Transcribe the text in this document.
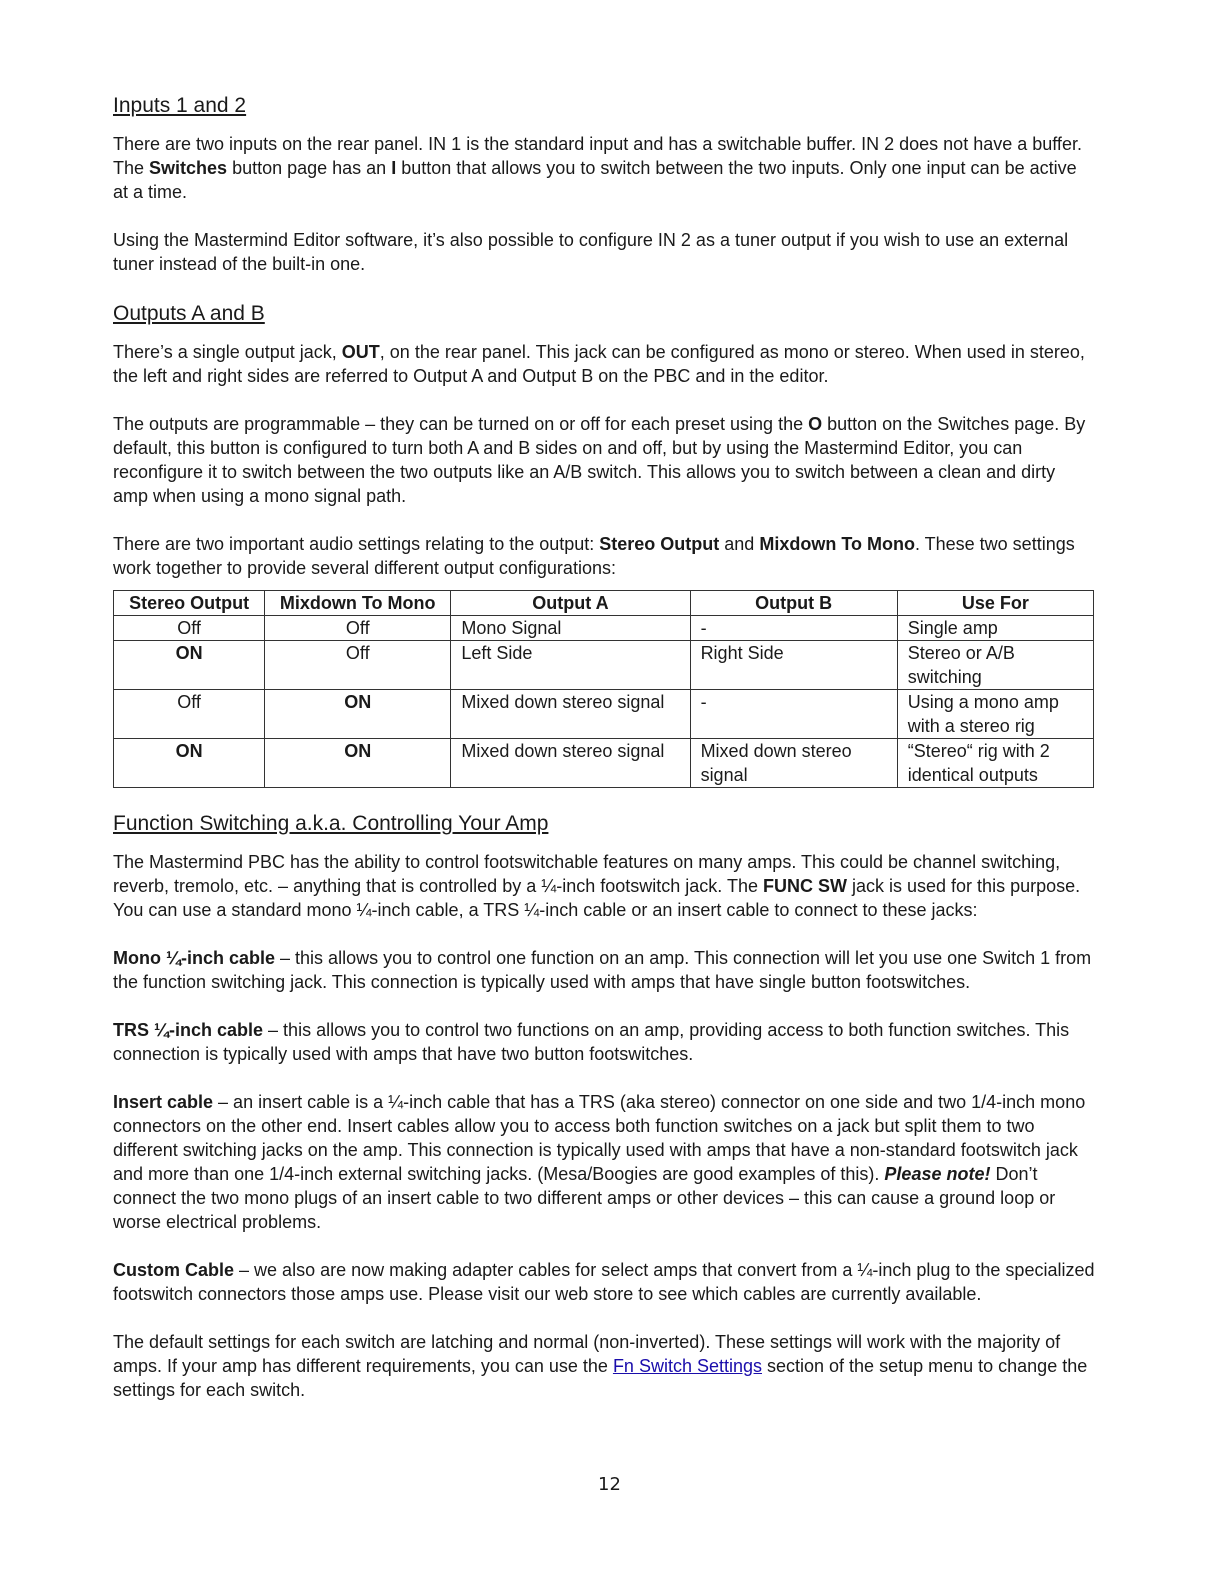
Inputs 1 and 2

There are two inputs on the rear panel. IN 1 is the standard input and has a switchable buffer. IN 2 does not have a buffer. The Switches button page has an I button that allows you to switch between the two inputs. Only one input can be active at a time.

Using the Mastermind Editor software, it’s also possible to configure IN 2 as a tuner output if you wish to use an external tuner instead of the built-in one.

Outputs A and B

There’s a single output jack, OUT, on the rear panel. This jack can be configured as mono or stereo. When used in stereo, the left and right sides are referred to Output A and Output B on the PBC and in the editor.

The outputs are programmable – they can be turned on or off for each preset using the O button on the Switches page. By default, this button is configured to turn both A and B sides on and off, but by using the Mastermind Editor, you can reconfigure it to switch between the two outputs like an A/B switch. This allows you to switch between a clean and dirty amp when using a mono signal path.

There are two important audio settings relating to the output: Stereo Output and Mixdown To Mono. These two settings work together to provide several different output configurations:

Stereo Output	Mixdown To Mono	Output A	Output B	Use For
Off	Off	Mono Signal	-	Single amp
ON	Off	Left Side	Right Side	Stereo or A/B switching
Off	ON	Mixed down stereo signal	-	Using a mono amp with a stereo rig
ON	ON	Mixed down stereo signal	Mixed down stereo signal	“Stereo“ rig with 2 identical outputs
Function Switching a.k.a. Controlling Your Amp

The Mastermind PBC has the ability to control footswitchable features on many amps. This could be channel switching, reverb, tremolo, etc. – anything that is controlled by a ¼-inch footswitch jack. The FUNC SW jack is used for this purpose. You can use a standard mono ¼-inch cable, a TRS ¼-inch cable or an insert cable to connect to these jacks:

Mono ¼-inch cable – this allows you to control one function on an amp. This connection will let you use one Switch 1 from the function switching jack. This connection is typically used with amps that have single button footswitches.

TRS ¼-inch cable – this allows you to control two functions on an amp, providing access to both function switches. This connection is typically used with amps that have two button footswitches.

Insert cable – an insert cable is a ¼-inch cable that has a TRS (aka stereo) connector on one side and two 1/4-inch mono connectors on the other end. Insert cables allow you to access both function switches on a jack but split them to two different switching jacks on the amp. This connection is typically used with amps that have a non-standard footswitch jack and more than one 1/4-inch external switching jacks. (Mesa/Boogies are good examples of this). Please note! Don’t connect the two mono plugs of an insert cable to two different amps or other devices – this can cause a ground loop or worse electrical problems.

Custom Cable – we also are now making adapter cables for select amps that convert from a ¼-inch plug to the specialized footswitch connectors those amps use. Please visit our web store to see which cables are currently available.

The default settings for each switch are latching and normal (non-inverted). These settings will work with the majority of amps. If your amp has different requirements, you can use the Fn Switch Settings section of the setup menu to change the settings for each switch.

12
